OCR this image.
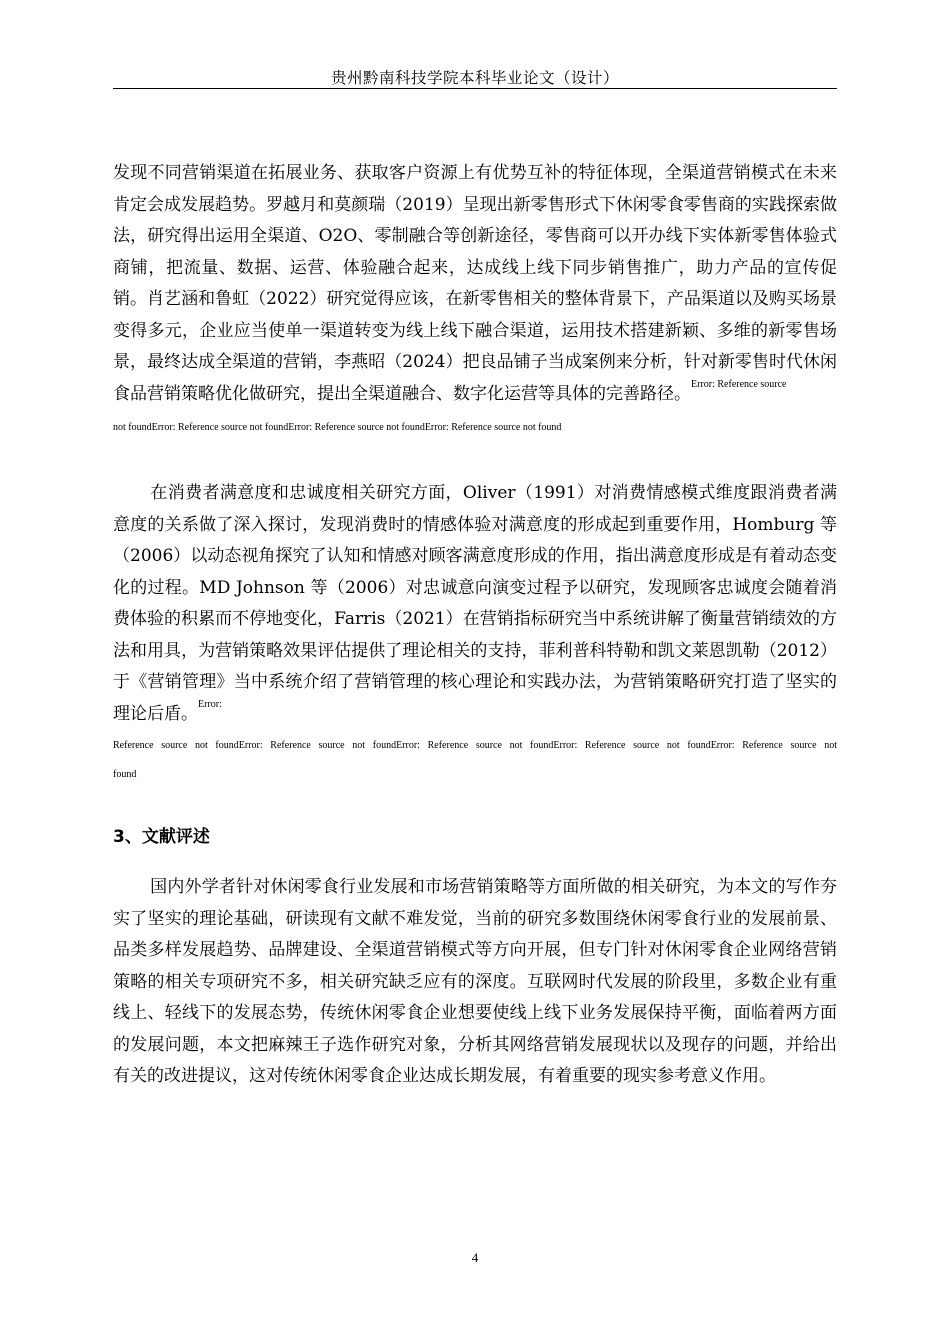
贵州黔南科技学院本科毕业论文（设计）

发现不同营销渠道在拓展业务、获取客户资源上有优势互补的特征体现，全渠道营销模式在未来肯定会成发展趋势。罗越月和莫颜瑞（2019）呈现出新零售形式下休闲零食零售商的实践探索做法，研究得出运用全渠道、O2O、零制融合等创新途径，零售商可以开办线下实体新零售体验式商铺，把流量、数据、运营、体验融合起来，达成线上线下同步销售推广，助力产品的宣传促销。肖艺涵和鲁虹（2022）研究觉得应该，在新零售相关的整体背景下，产品渠道以及购买场景变得多元，企业应当使单一渠道转变为线上线下融合渠道，运用技术搭建新颖、多维的新零售场景，最终达成全渠道的营销，李燕昭（2024）把良品铺子当成案例来分析，针对新零售时代休闲食品营销策略优化做研究，提出全渠道融合、数字化运营等具体的完善路径。$^{Error: Reference source}$
not foundError: Reference source not foundError: Reference source not foundError: Reference source not found

在消费者满意度和忠诚度相关研究方面，Oliver（1991）对消费情感模式维度跟消费者满意度的关系做了深入探讨，发现消费时的情感体验对满意度的形成起到重要作用，Homburg 等（2006）以动态视角探究了认知和情感对顾客满意度形成的作用，指出满意度形成是有着动态变化的过程。MD Johnson 等（2006）对忠诚意向演变过程予以研究，发现顾客忠诚度会随着消费体验的积累而不停地变化，Farris（2021）在营销指标研究当中系统讲解了衡量营销绩效的方法和用具，为营销策略效果评估提供了理论相关的支持，菲利普科特勒和凯文莱恩凯勒（2012）于《营销管理》当中系统介绍了营销管理的核心理论和实践办法，为营销策略研究打造了坚实的理论后盾。$^{Error:}$

Reference source not foundError: Reference source not foundError: Reference source not foundError: Reference source not foundError: Reference source not
found

3、文献评述

国内外学者针对休闲零食行业发展和市场营销策略等方面所做的相关研究，为本文的写作夯实了坚实的理论基础，研读现有文献不难发觉，当前的研究多数围绕休闲零食行业的发展前景、品类多样发展趋势、品牌建设、全渠道营销模式等方向开展，但专门针对休闲零食企业网络营销策略的相关专项研究不多，相关研究缺乏应有的深度。互联网时代发展的阶段里，多数企业有重线上、轻线下的发展态势，传统休闲零食企业想要使线上线下业务发展保持平衡，面临着两方面的发展问题，本文把麻辣王子选作研究对象，分析其网络营销发展现状以及现存的问题，并给出有关的改进提议，这对传统休闲零食企业达成长期发展，有着重要的现实参考意义作用。

4
